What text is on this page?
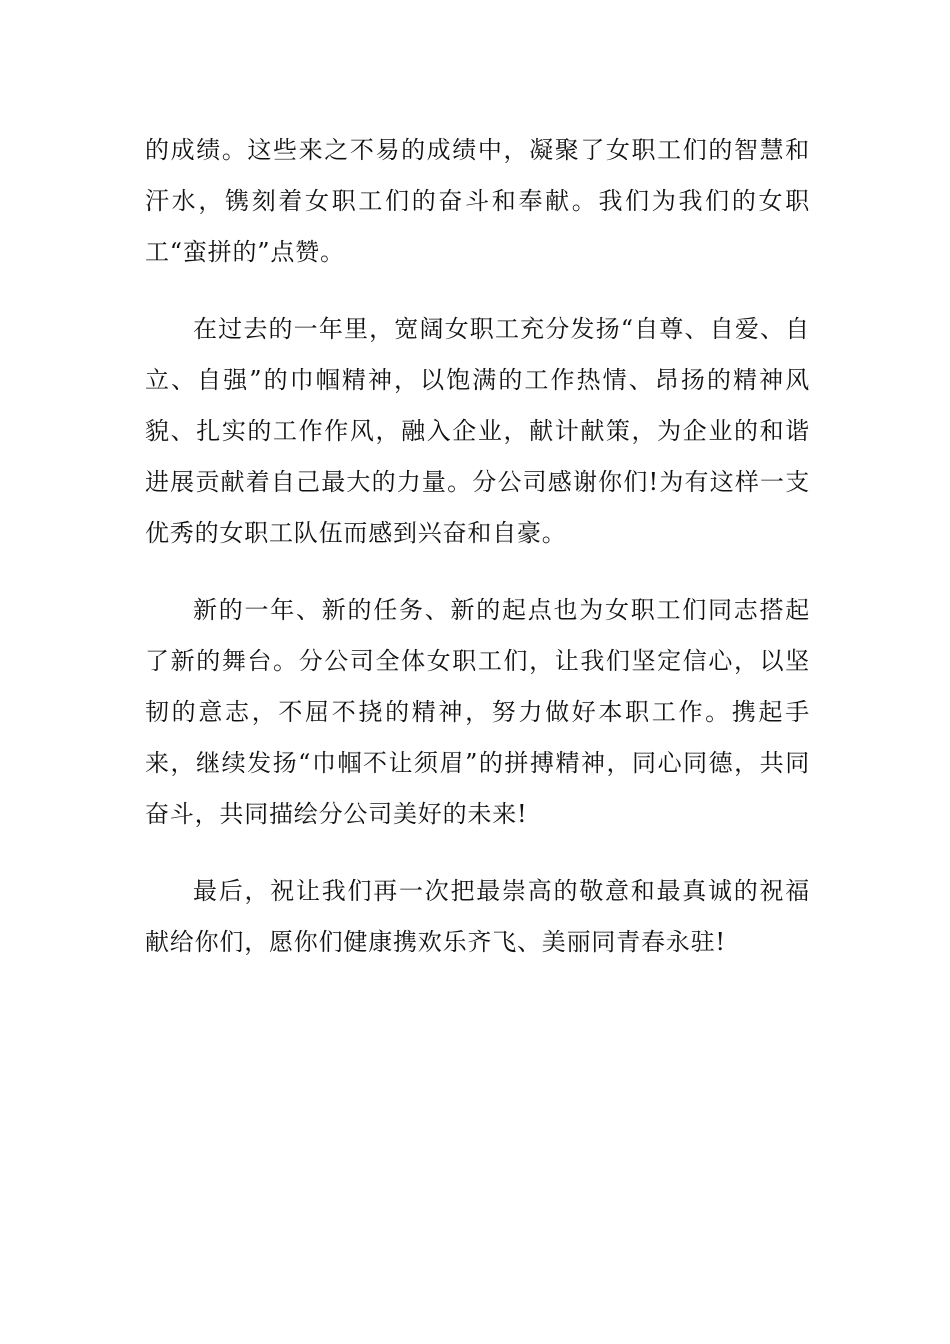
的成绩。这些来之不易的成绩中，凝聚了女职工们的智慧和汗水，镌刻着女职工们的奋斗和奉献。我们为我们的女职工“蛮拼的”点赞。

在过去的一年里，宽阔女职工充分发扬“自尊、自爱、自立、自强”的巾帼精神，以饱满的工作热情、昂扬的精神风貌、扎实的工作作风，融入企业，献计献策，为企业的和谐进展贡献着自己最大的力量。分公司感谢你们!为有这样一支优秀的女职工队伍而感到兴奋和自豪。

新的一年、新的任务、新的起点也为女职工们同志搭起了新的舞台。分公司全体女职工们，让我们坚定信心，以坚韧的意志，不屈不挠的精神，努力做好本职工作。携起手来，继续发扬“巾帼不让须眉”的拼搏精神，同心同德，共同奋斗，共同描绘分公司美好的未来!

最后，祝让我们再一次把最崇高的敬意和最真诚的祝福献给你们，愿你们健康携欢乐齐飞、美丽同青春永驻!
